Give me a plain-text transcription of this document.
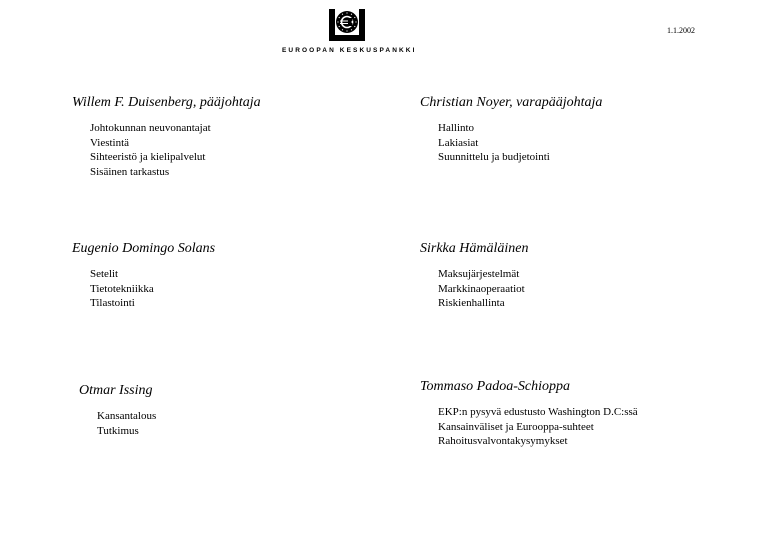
EUROOPAN KESKUSPANKKI
1.1.2002
Willem F. Duisenberg, pääjohtaja
Johtokunnan neuvonantajat
Viestintä
Sihteeristö ja kielipalvelut
Sisäinen tarkastus
Christian Noyer, varapääjohtaja
Hallinto
Lakiasiat
Suunnittelu ja budjetointi
Eugenio Domingo Solans
Setelit
Tietotekniikka
Tilastointi
Sirkka Hämäläinen
Maksujärjestelmät
Markkinaoperaatiot
Riskienhallinta
Otmar Issing
Kansantalous
Tutkimus
Tommaso Padoa-Schioppa
EKP:n pysyvä edustusto Washington D.C:ssä
Kansainväliset ja Eurooppa-suhteet
Rahoitusvalvontakysymykset
